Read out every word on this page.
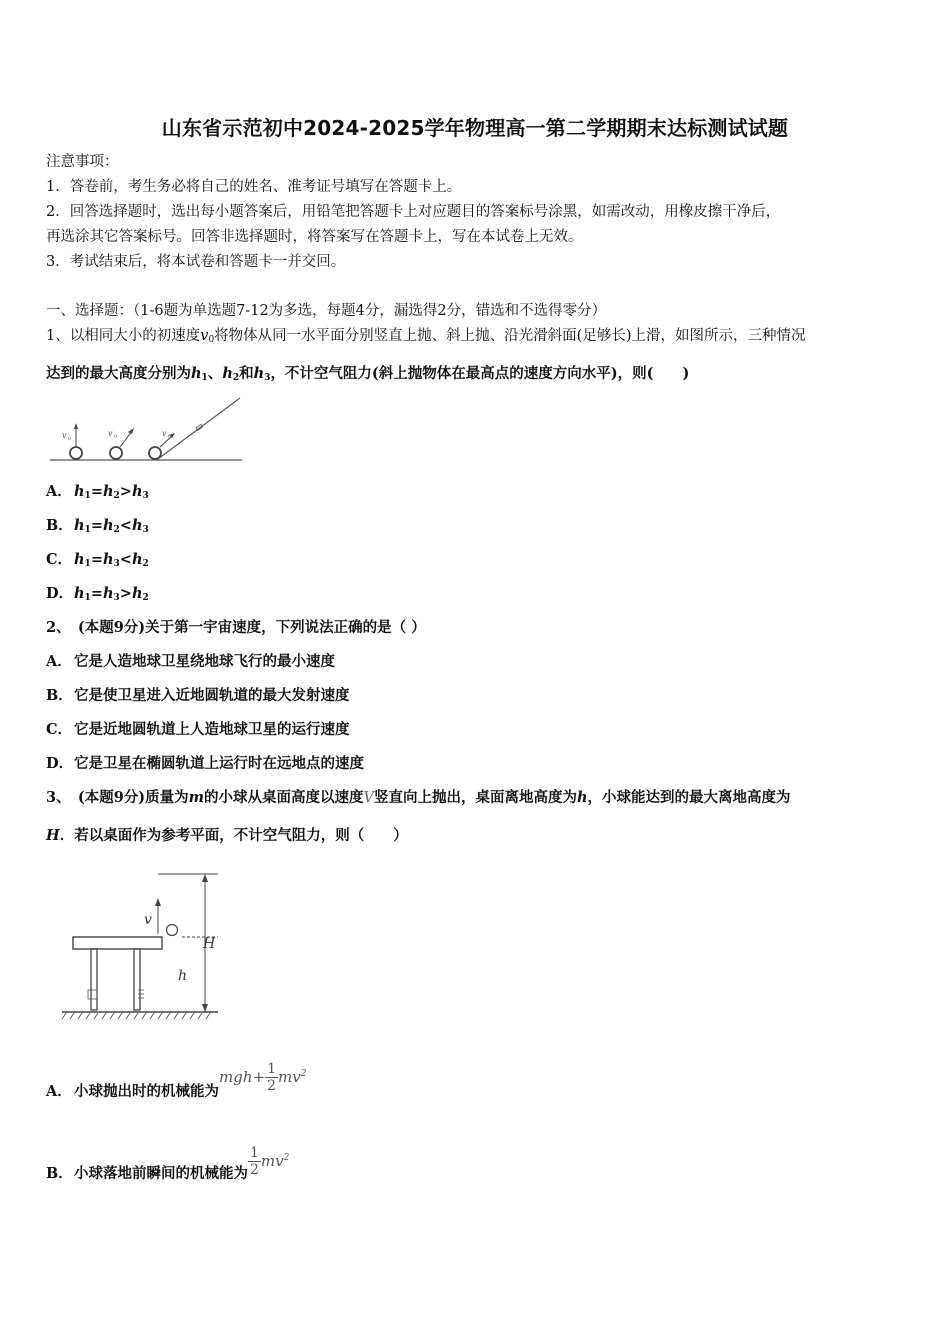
山东省示范初中2024-2025学年物理高一第二学期期末达标测试试题
注意事项：
1．答卷前，考生务必将自己的姓名、准考证号填写在答题卡上。
2．回答选择题时，选出每小题答案后，用铅笔把答题卡上对应题目的答案标号涂黑，如需改动，用橡皮擦干净后，
再选涂其它答案标号。回答非选择题时，将答案写在答题卡上，写在本试卷上无效。
3．考试结束后，将本试卷和答题卡一并交回。
一、选择题：（1-6题为单选题7-12为多选，每题4分，漏选得2分，错选和不选得零分）
1、以相同大小的初速度$v_0$将物体从同一水平面分别竖直上抛、斜上抛、沿光滑斜面(足够长)上滑，如图所示，三种情况
达到的最大高度分别为$h_1$、$h_2$和$h_3$，不计空气阻力(斜上抛物体在最高点的速度方向水平)，则(　　)
v	v	v
0	0	0
A． $h_1=h_2>h_3$
B．$h_1=h_2<h_3$
C． $h_1=h_3<h_2$
D．$h_1=h_3>h_2$
2、　(本题9分)关于第一宇宙速度，下列说法正确的是（ ）
A． 它是人造地球卫星绕地球飞行的最小速度
B．它是使卫星进入近地圆轨道的最大发射速度
C． 它是近地圆轨道上人造地球卫星的运行速度
D．它是卫星在椭圆轨道上运行时在远地点的速度
3、　(本题9分)质量为m的小球从桌面高度以速度V竖直向上抛出，桌面离地高度为h，小球能达到的最大离地高度为
H．若以桌面作为参考平面，不计空气阻力，则（　　）
v
H
h
A． 小球抛出时的机械能为$mgh+ \frac{1}{2} mv^2$
B．小球落地前瞬间的机械能为 $\frac{1}{2} mv^2$
